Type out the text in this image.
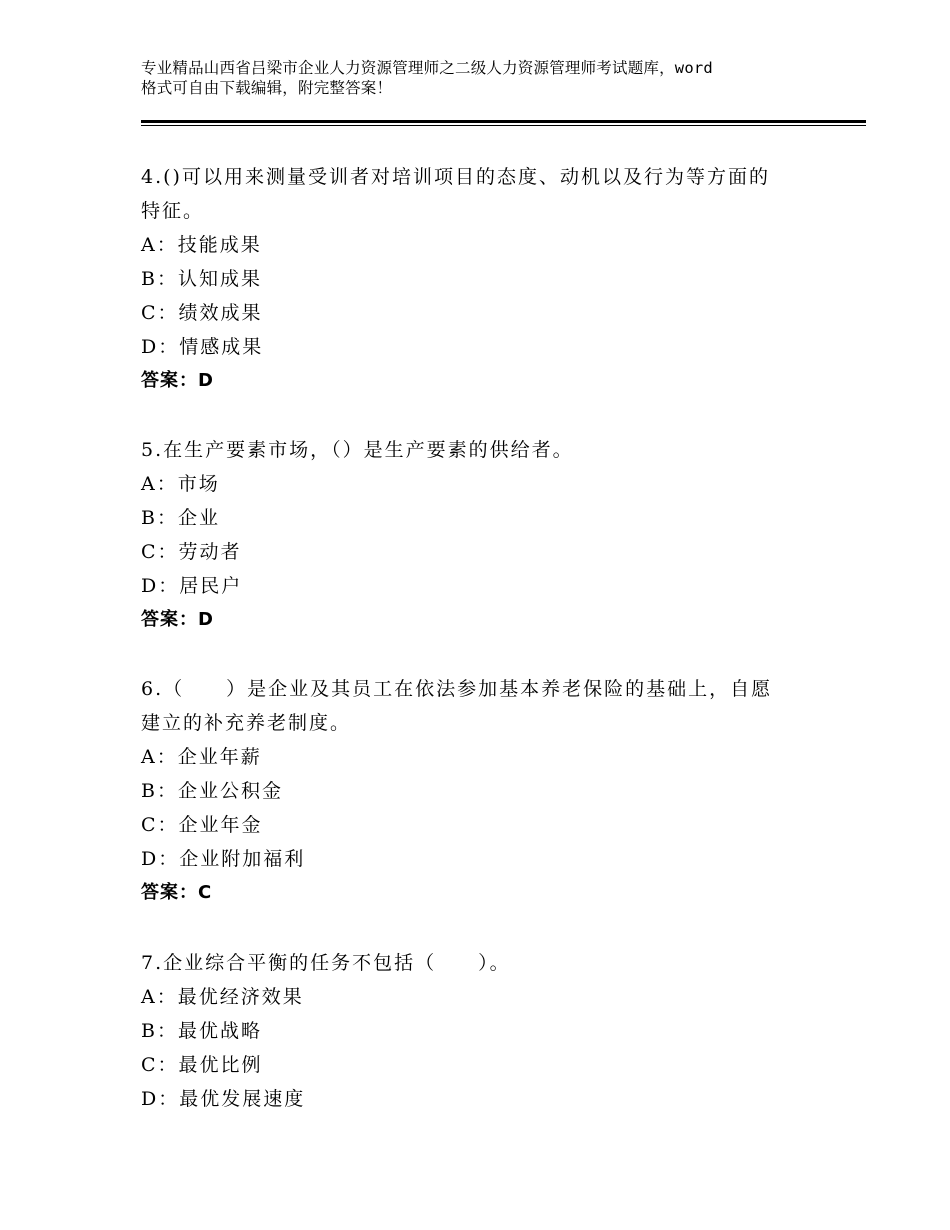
专业精品山西省吕梁市企业人力资源管理师之二级人力资源管理师考试题库，word
格式可自由下载编辑，附完整答案！
4.()可以用来测量受训者对培训项目的态度、动机以及行为等方面的
特征。
A：技能成果
B：认知成果
C：绩效成果
D：情感成果
答案：D
5.在生产要素市场，（）是生产要素的供给者。
A：市场
B：企业
C：劳动者
D：居民户
答案：D
6.（　　）是企业及其员工在依法参加基本养老保险的基础上，自愿
建立的补充养老制度。
A：企业年薪
B：企业公积金
C：企业年金
D：企业附加福利
答案：C
7.企业综合平衡的任务不包括（　　）。
A：最优经济效果
B：最优战略
C：最优比例
D：最优发展速度
